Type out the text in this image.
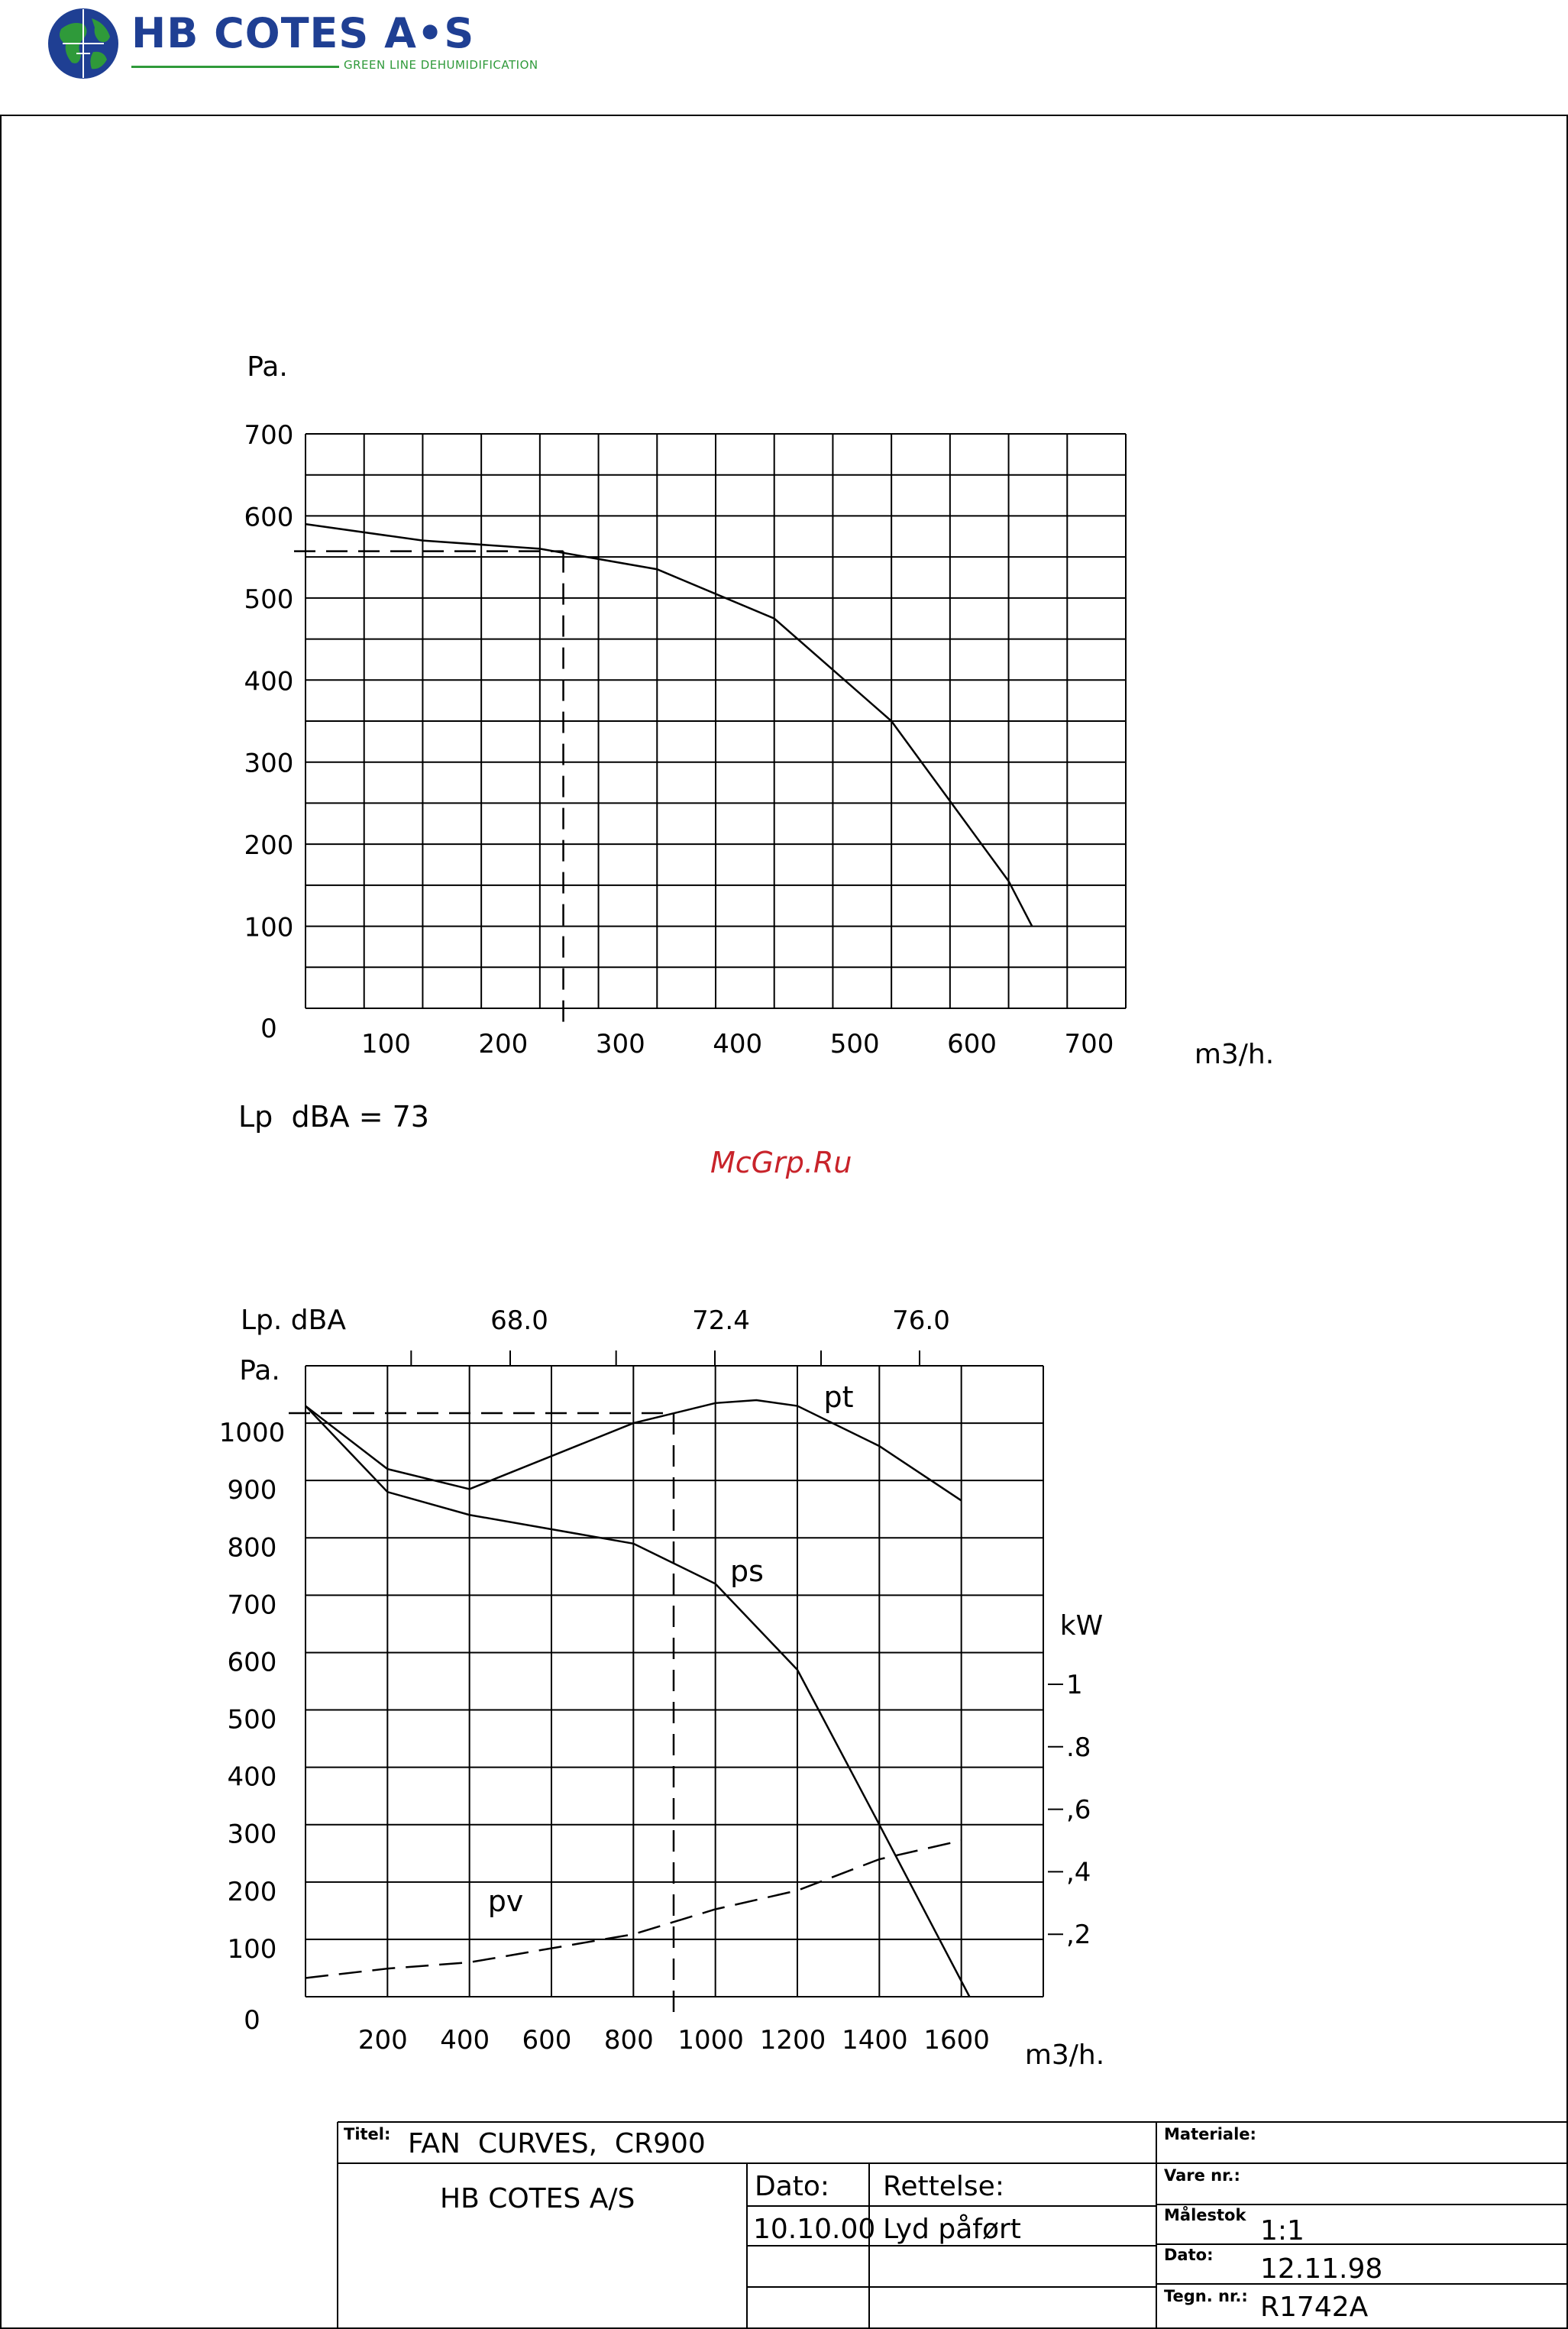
HB COTES A•S
GREEN LINE DEHUMIDIFICATION
0
100
200
300
400
500
600
700
100	200	300	400	500	600	700
Pa.
m3/h.
0
100
200
300
400
500
600
700
800
900
1000
200 400 600 800 1000 1200 1400 1600
1
.8
,6
,4
,2
kW
68.0	72.4	76.0
Lp. dBA
Pa.
m3/h.
pt
ps
pv
McGrp.Ru
Lp  dBA = 73
Titel: FAN  CURVES,  CR900
HB COTES A/S	Dato: Rettelse:
10.10.00 Lyd påført
Materiale:
Vare nr.:
Målestok 1:1
Dato: 12.11.98
Tegn. nr.: R1742A
